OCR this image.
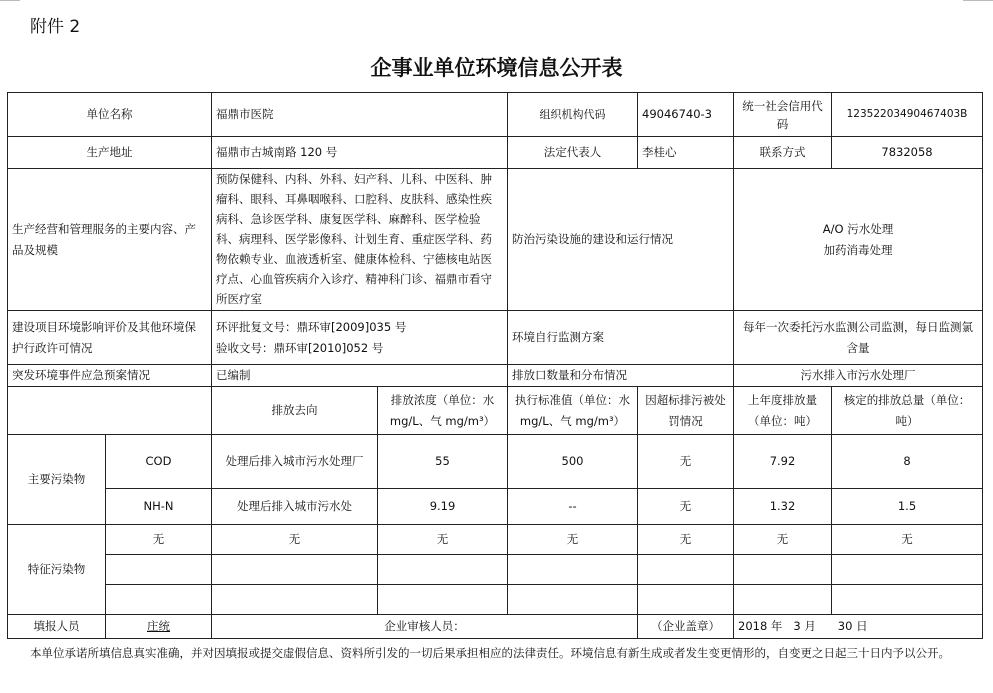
附件 2
企事业单位环境信息公开表
单位名称		福鼎市医院		组织机构代码	49046740-3	统一社会信用代码	12352203490467403B
生产地址		福鼎市古城南路 120 号		法定代表人	李桂心	联系方式	7832058
生产经营和管理服务的主要内容、产品及规模		预防保健科、内科、外科、妇产科、儿科、中医科、肿瘤科、眼科、耳鼻咽喉科、口腔科、皮肤科、感染性疾病科、急诊医学科、康复医学科、麻醉科、医学检验科、病理科、医学影像科、计划生育、重症医学科、药物依赖专业、血液透析室、健康体检科、宁德核电站医疗点、心血管疾病介入诊疗、精神科门诊、福鼎市看守所医疗室		防治污染设施的建设和运行情况		A/O 污水处理
加药消毒处理	

建设项目环境影响评价及其他环境保护行政许可情况		环评批复文号：鼎环审[2009]035 号
验收文号：鼎环审[2010]052 号		环境自行监测方案		每年一次委托污水监测公司监测，每日监测氯含量	
突发环境事件应急预案情况		已编制		排放口数量和分布情况		污水排入市污水处理厂	
		排放去向	排放浓度（单位：水 mg/L、气 mg/m³）	执行标准值（单位：水 mg/L、气 mg/m³）	因超标排污被处罚情况	上年度排放量（单位：吨）	核定的排放总量（单位：吨）
主要污染物	COD	处理后排入城市污水处理厂	55	500	无	7.92	8
	NH-N	处理后排入城市污水处	9.19	--	无	1.32	1.5
特征污染物	无	无	无	无	无	无	无

填报人员	庄统	企业审核人员：			（企业盖章）	2018 年   3 月      30 日	
本单位承诺所填信息真实准确，并对因填报或提交虚假信息、资料所引发的一切后果承担相应的法律责任。环境信息有新生成或者发生变更情形的，自变更之日起三十日内予以公开。
